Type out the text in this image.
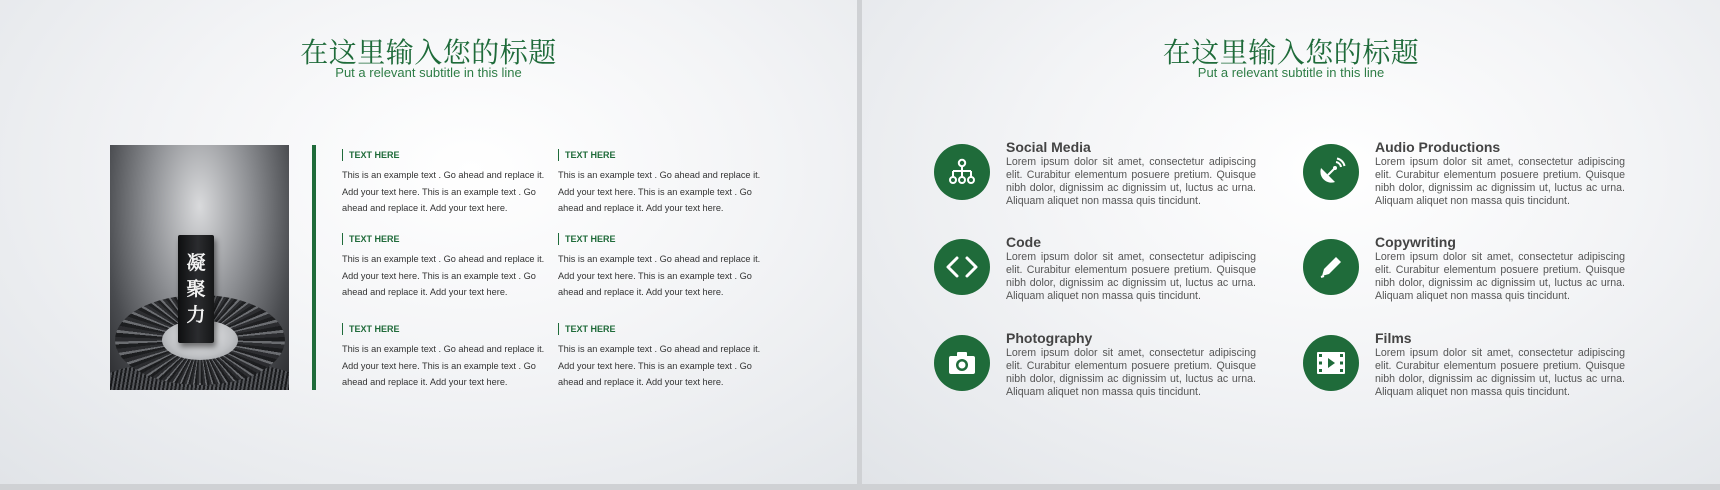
在这里输入您的标题
Put a relevant subtitle in this line
凝
聚
力
TEXT HERE
This is an example text . Go ahead and replace it. Add your text here. This is an example text . Go ahead and replace it. Add your text here.
TEXT HERE
This is an example text . Go ahead and replace it. Add your text here. This is an example text . Go ahead and replace it. Add your text here.
TEXT HERE
This is an example text . Go ahead and replace it. Add your text here. This is an example text . Go ahead and replace it. Add your text here.
TEXT HERE
This is an example text . Go ahead and replace it. Add your text here. This is an example text . Go ahead and replace it. Add your text here.
TEXT HERE
This is an example text . Go ahead and replace it. Add your text here. This is an example text . Go ahead and replace it. Add your text here.
TEXT HERE
This is an example text . Go ahead and replace it. Add your text here. This is an example text . Go ahead and replace it. Add your text here.
在这里输入您的标题
Put a relevant subtitle in this line
Social Media
Lorem ipsum dolor sit amet, consectetur adipiscing elit. Curabitur elementum posuere pretium. Quisque nibh dolor, dignissim ac dignissim ut, luctus ac urna. Aliquam aliquet non massa quis tincidunt.
Audio Productions
Lorem ipsum dolor sit amet, consectetur adipiscing elit. Curabitur elementum posuere pretium. Quisque nibh dolor, dignissim ac dignissim ut, luctus ac urna. Aliquam aliquet non massa quis tincidunt.
Code
Lorem ipsum dolor sit amet, consectetur adipiscing elit. Curabitur elementum posuere pretium. Quisque nibh dolor, dignissim ac dignissim ut, luctus ac urna. Aliquam aliquet non massa quis tincidunt.
Copywriting
Lorem ipsum dolor sit amet, consectetur adipiscing elit. Curabitur elementum posuere pretium. Quisque nibh dolor, dignissim ac dignissim ut, luctus ac urna. Aliquam aliquet non massa quis tincidunt.
Photography
Lorem ipsum dolor sit amet, consectetur adipiscing elit. Curabitur elementum posuere pretium. Quisque nibh dolor, dignissim ac dignissim ut, luctus ac urna. Aliquam aliquet non massa quis tincidunt.
Films
Lorem ipsum dolor sit amet, consectetur adipiscing elit. Curabitur elementum posuere pretium. Quisque nibh dolor, dignissim ac dignissim ut, luctus ac urna. Aliquam aliquet non massa quis tincidunt.
